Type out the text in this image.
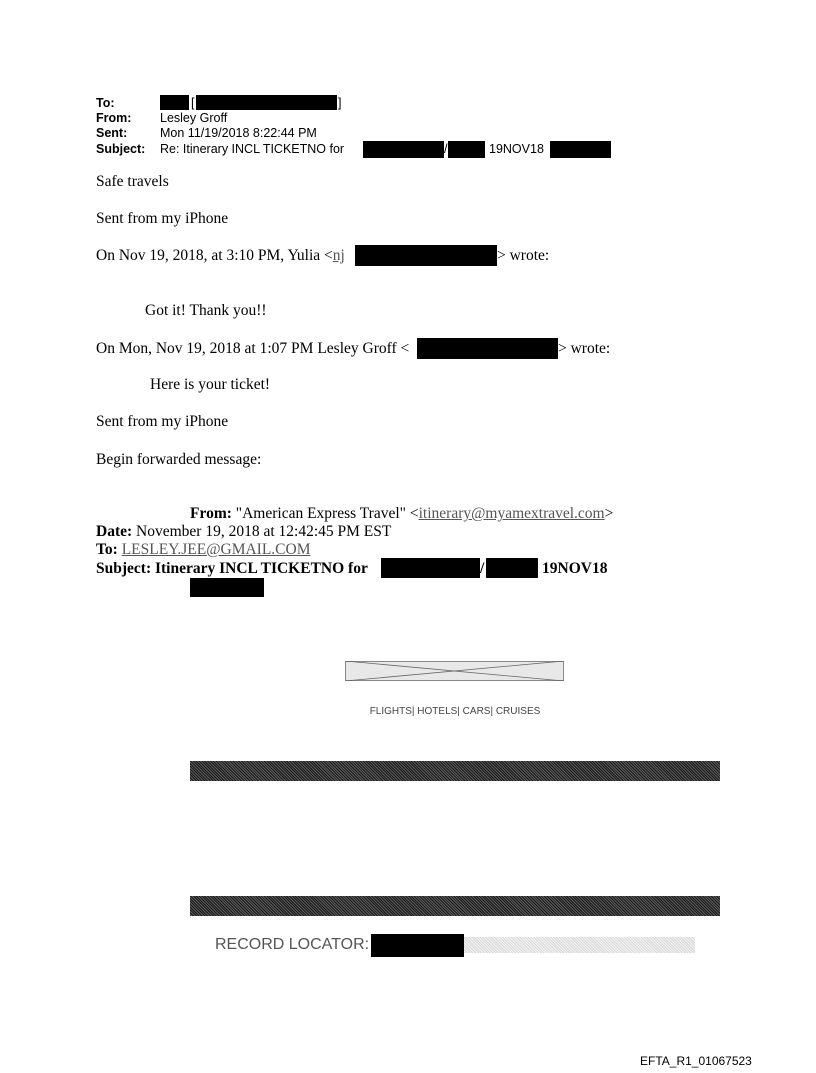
To:	[	]
From: Lesley Groff
Sent:	Mon 11/19/2018 8:22:44 PM
Subject: Re: Itinerary INCL TICKETNO for	/	19NOV18
Safe travels
Sent from my iPhone
On Nov 19, 2018, at 3:10 PM, Yulia <nj	> wrote:
Got it! Thank you!!
On Mon, Nov 19, 2018 at 1:07 PM Lesley Groff <	> wrote:
Here is your ticket!
Sent from my iPhone
Begin forwarded message:
From: "American Express Travel" <itinerary@myamextravel.com>
Date: November 19, 2018 at 12:42:45 PM EST
To: LESLEY.JEE@GMAIL.COM
Subject: Itinerary INCL TICKETNO for	/	19NOV18
FLIGHTS| HOTELS| CARS| CRUISES
RECORD LOCATOR:
EFTA_R1_01067523
